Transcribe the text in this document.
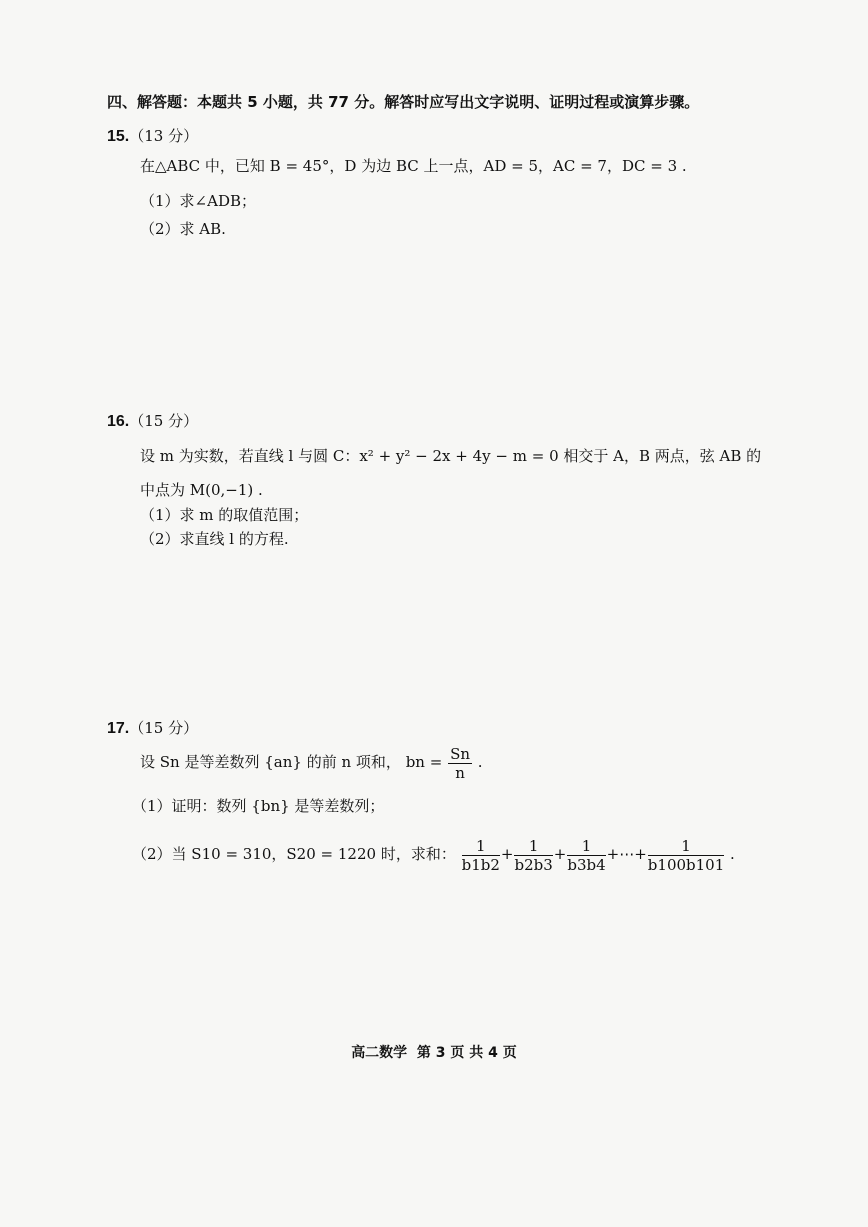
四、解答题：本题共 5 小题，共 77 分。解答时应写出文字说明、证明过程或演算步骤。
15.（13 分）
在△ABC 中，已知 B = 45°，D 为边 BC 上一点，AD = 5，AC = 7，DC = 3 .
（1）求∠ADB；
（2）求 AB.
16.（15 分）
设 m 为实数，若直线 l 与圆 C：x² + y² − 2x + 4y − m = 0 相交于 A，B 两点，弦 AB 的
中点为 M(0,−1) .
（1）求 m 的取值范围；
（2）求直线 l 的方程.
17.（15 分）
设 Sn 是等差数列 {an} 的前 n 项和， bn = $\frac{Sn}{n}$ .
（1）证明：数列 {bn} 是等差数列；
（2）当 S10 = 310，S20 = 1220 时，求和： $\frac{1}{b1b2} + \frac{1}{b2b3} + \frac{1}{b3b4}$ +⋯+ $\frac{1}{b100b101}$ .
高二数学  第 3 页 共 4 页
